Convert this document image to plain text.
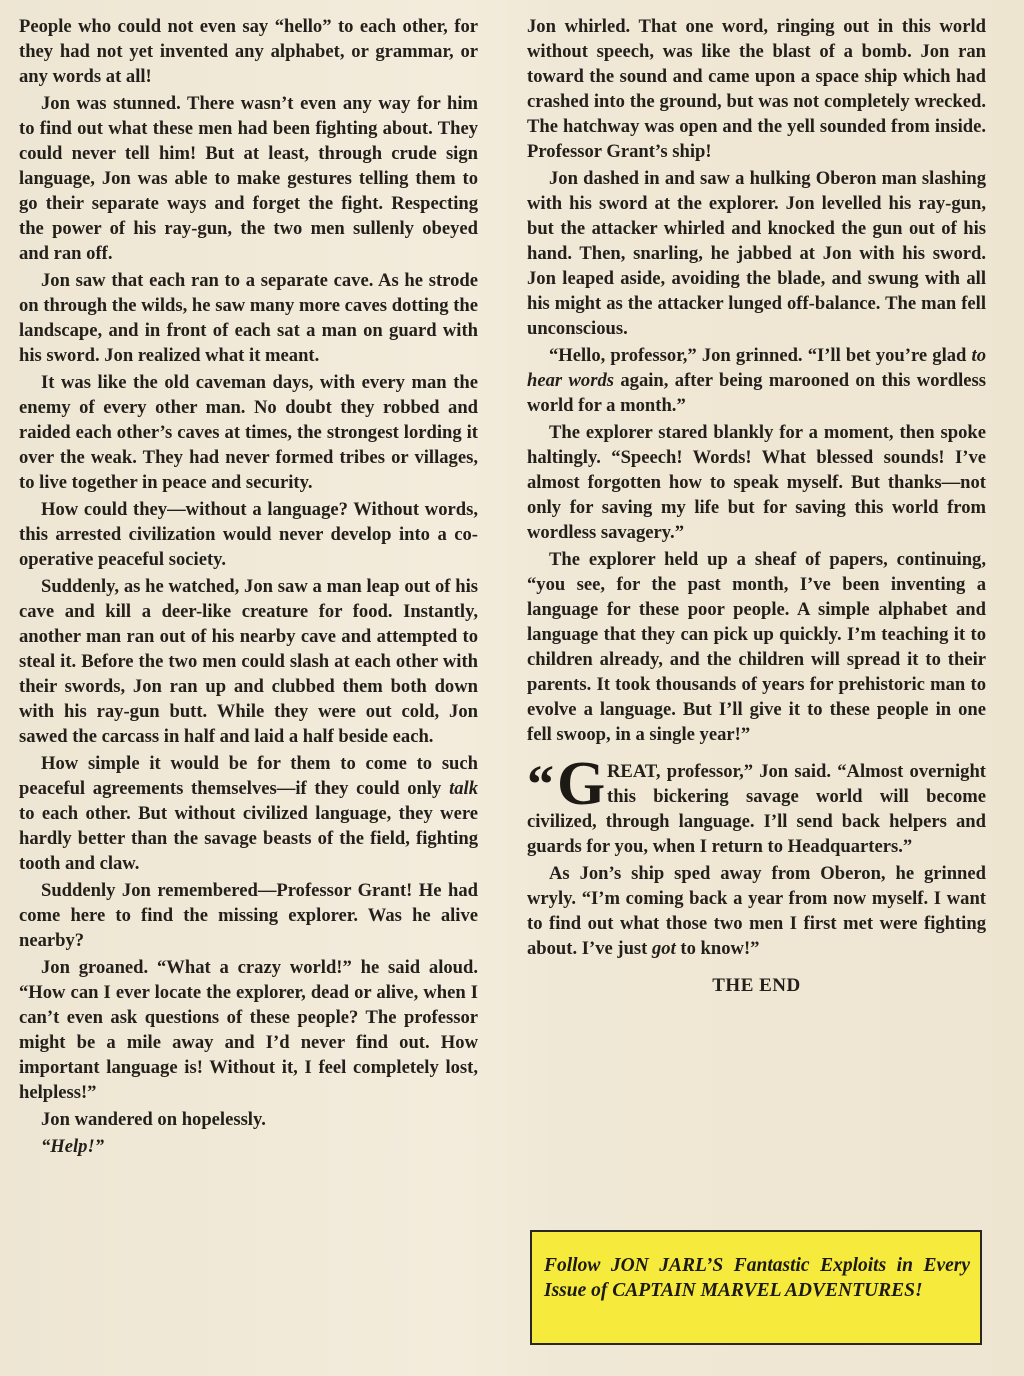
People who could not even say “hello” to each other, for they had not yet invented any alphabet, or grammar, or any words at all!

Jon was stunned. There wasn’t even any way for him to find out what these men had been fighting about. They could never tell him! But at least, through crude sign language, Jon was able to make gestures telling them to go their separate ways and forget the fight. Respecting the power of his ray-gun, the two men sullenly obeyed and ran off.

Jon saw that each ran to a separate cave. As he strode on through the wilds, he saw many more caves dotting the landscape, and in front of each sat a man on guard with his sword. Jon realized what it meant.

It was like the old caveman days, with every man the enemy of every other man. No doubt they robbed and raided each other’s caves at times, the strongest lording it over the weak. They had never formed tribes or villages, to live together in peace and security.

How could they—without a language? Without words, this arrested civilization would never develop into a co-operative peaceful society.

Suddenly, as he watched, Jon saw a man leap out of his cave and kill a deer-like creature for food. Instantly, another man ran out of his nearby cave and attempted to steal it. Before the two men could slash at each other with their swords, Jon ran up and clubbed them both down with his ray-gun butt. While they were out cold, Jon sawed the carcass in half and laid a half beside each.

How simple it would be for them to come to such peaceful agreements themselves—if they could only talk to each other. But without civilized language, they were hardly better than the savage beasts of the field, fighting tooth and claw.

Suddenly Jon remembered—Professor Grant! He had come here to find the missing explorer. Was he alive nearby?

Jon groaned. “What a crazy world!” he said aloud. “How can I ever locate the explorer, dead or alive, when I can’t even ask questions of these people? The professor might be a mile away and I’d never find out. How important language is! Without it, I feel completely lost, helpless!”

Jon wandered on hopelessly.

“Help!”

Jon whirled. That one word, ringing out in this world without speech, was like the blast of a bomb. Jon ran toward the sound and came upon a space ship which had crashed into the ground, but was not completely wrecked. The hatchway was open and the yell sounded from inside. Professor Grant’s ship!

Jon dashed in and saw a hulking Oberon man slashing with his sword at the explorer. Jon levelled his ray-gun, but the attacker whirled and knocked the gun out of his hand. Then, snarling, he jabbed at Jon with his sword. Jon leaped aside, avoiding the blade, and swung with all his might as the attacker lunged off-balance. The man fell unconscious.

“Hello, professor,” Jon grinned. “I’ll bet you’re glad to hear words again, after being marooned on this wordless world for a month.”

The explorer stared blankly for a moment, then spoke haltingly. “Speech! Words! What blessed sounds! I’ve almost forgotten how to speak myself. But thanks—not only for saving my life but for saving this world from wordless savagery.”

The explorer held up a sheaf of papers, continuing, “you see, for the past month, I’ve been inventing a language for these poor people. A simple alphabet and language that they can pick up quickly. I’m teaching it to children already, and the children will spread it to their parents. It took thousands of years for prehistoric man to evolve a language. But I’ll give it to these people in one fell swoop, in a single year!”

“ G REAT, professor,” Jon said. “Almost overnight this bickering savage world will become civilized, through language. I’ll send back helpers and guards for you, when I return to Headquarters.”

As Jon’s ship sped away from Oberon, he grinned wryly. “I’m coming back a year from now myself. I want to find out what those two men I first met were fighting about. I’ve just got to know!”

THE END

Follow JON JARL’S Fantastic Exploits in Every Issue of CAPTAIN MARVEL ADVENTURES!
